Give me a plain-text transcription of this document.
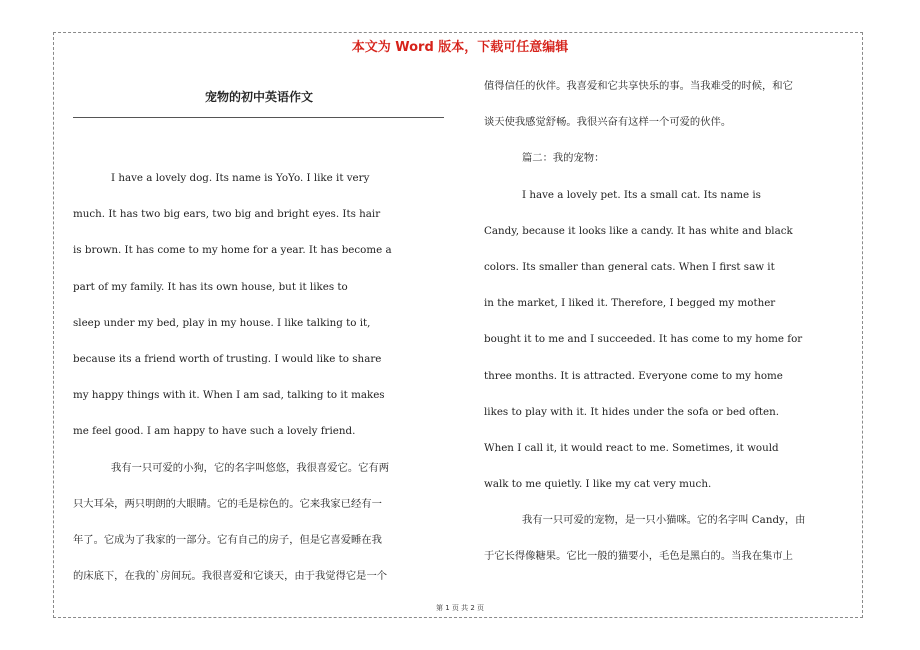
本文为 Word 版本，下载可任意编辑
宠物的初中英语作文
I have a lovely dog. Its name is YoYo. I like it very
much. It has two big ears, two big and bright eyes. Its hair
is brown. It has come to my home for a year. It has become a
part of my family. It has its own house, but it likes to
sleep under my bed, play in my house. I like talking to it,
because its a friend worth of trusting. I would like to share
my happy things with it. When I am sad, talking to it makes
me feel good. I am happy to have such a lovely friend.
我有一只可爱的小狗，它的名字叫悠悠，我很喜爱它。它有两
只大耳朵，两只明朗的大眼睛。它的毛是棕色的。它来我家已经有一
年了。它成为了我家的一部分。它有自己的房子，但是它喜爱睡在我
的床底下，在我的`房间玩。我很喜爱和它谈天，由于我觉得它是一个
值得信任的伙伴。我喜爱和它共享快乐的事。当我难受的时候，和它
谈天使我感觉舒畅。我很兴奋有这样一个可爱的伙伴。
篇二：我的宠物：
I have a lovely pet. Its a small cat. Its name is
Candy, because it looks like a candy. It has white and black
colors. Its smaller than general cats. When I first saw it
in the market, I liked it. Therefore, I begged my mother
bought it to me and I succeeded. It has come to my home for
three months. It is attracted. Everyone come to my home
likes to play with it. It hides under the sofa or bed often.
When I call it, it would react to me. Sometimes, it would
walk to me quietly. I like my cat very much.
我有一只可爱的宠物，是一只小猫咪。它的名字叫 Candy，由
于它长得像糖果。它比一般的猫要小，毛色是黑白的。当我在集市上
第 1 页 共 2 页
